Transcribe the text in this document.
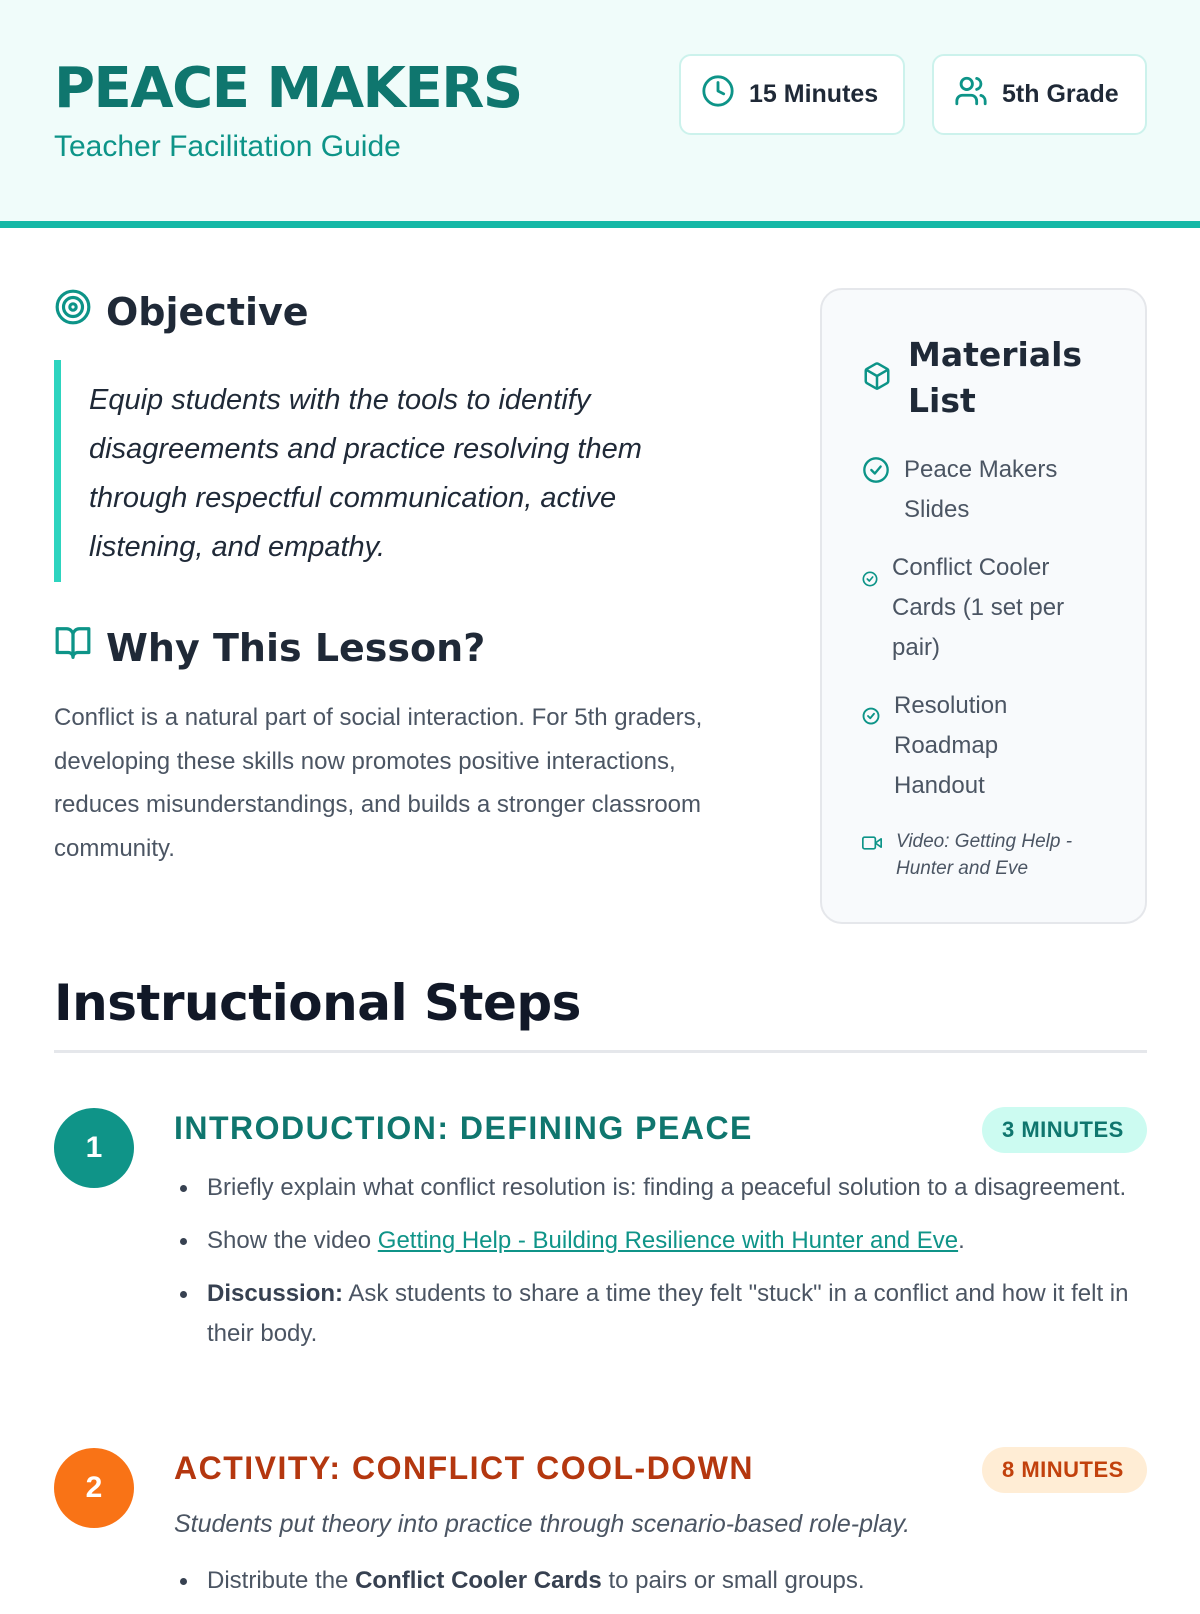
PEACE MAKERS
Teacher Facilitation Guide
15 Minutes	5th Grade
Objective
Equip students with the tools to identify disagreements and practice resolving them through respectful communication, active listening, and empathy.
Why This Lesson?
Conflict is a natural part of social interaction. For 5th graders, developing these skills now promotes positive interactions, reduces misunderstandings, and builds a stronger classroom community.
Materials List
Peace Makers Slides
Conflict Cooler Cards (1 set per pair)
Resolution Roadmap Handout
Video: Getting Help - Hunter and Eve
Instructional Steps
1
INTRODUCTION: DEFINING PEACE	3 MINUTES
Briefly explain what conflict resolution is: finding a peaceful solution to a disagreement.
Show the video Getting Help - Building Resilience with Hunter and Eve.
Discussion: Ask students to share a time they felt "stuck" in a conflict and how it felt in their body.
2
ACTIVITY: CONFLICT COOL-DOWN	8 MINUTES
Students put theory into practice through scenario-based role-play.
Distribute the Conflict Cooler Cards to pairs or small groups.
